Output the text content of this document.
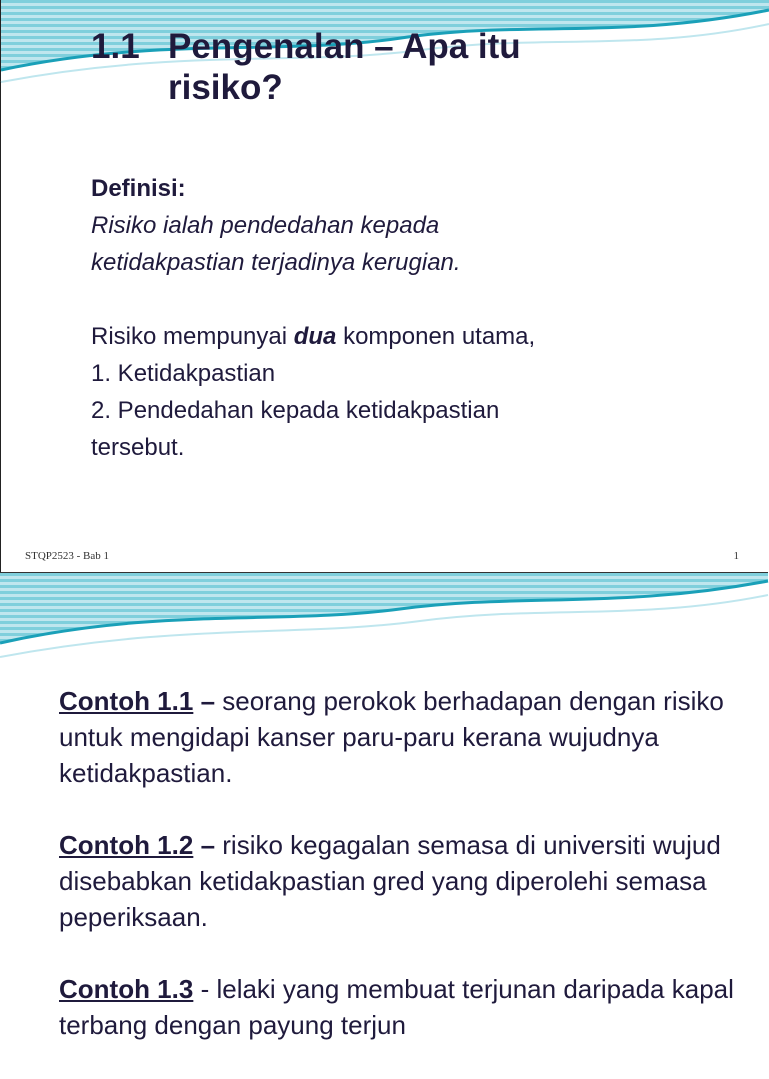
1.1 Pengenalan – Apa itu
risiko?

Definisi:

Risiko ialah pendedahan kepada

ketidakpastian terjadinya kerugian.

Risiko mempunyai dua komponen utama,

1. Ketidakpastian

2. Pendedahan kepada ketidakpastian

tersebut.

STQP2523 - Bab 1	1

Contoh 1.1 – seorang perokok berhadapan dengan risiko untuk mengidapi kanser paru-paru kerana wujudnya ketidakpastian.

Contoh 1.2 – risiko kegagalan semasa di universiti wujud disebabkan ketidakpastian gred yang diperolehi semasa peperiksaan.

Contoh 1.3 - lelaki yang membuat terjunan daripada kapal terbang dengan payung terjun
